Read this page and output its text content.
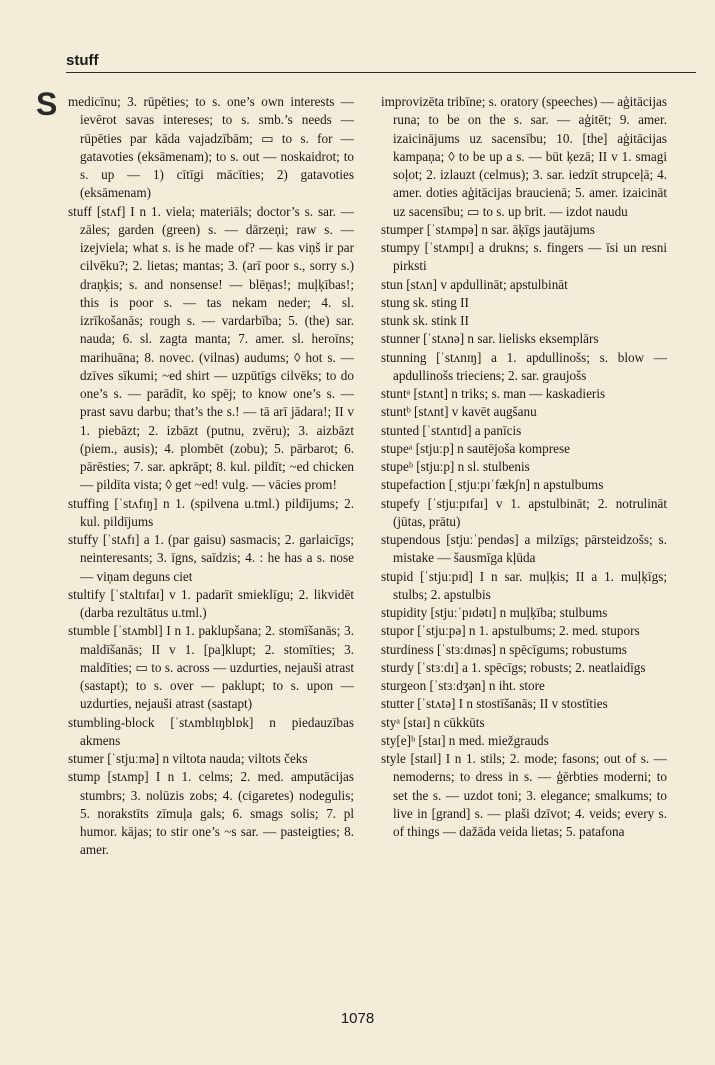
stuff
S medicīnu; 3. rūpēties; to s. one’s own interests — ievērot savas intereses; to s. smb.’s needs — rūpēties par kāda vajadzībām; ▭ to s. for — gatavoties (eksāmenam); to s. out — noskaidrot; to s. up — 1) cītīgi mācīties; 2) gatavoties (eksāmenam)

stuff [stʌf] I n 1. viela; materiāls; doctor’s s. sar. — zāles; garden (green) s. — dārzeņi; raw s. — izejviela; what s. is he made of? — kas viņš ir par cilvēku?; 2. lietas; mantas; 3. (arī poor s., sorry s.) draņķis; s. and nonsense! — blēņas!; muļķības!; this is poor s. — tas nekam neder; 4. sl. izrīkošanās; rough s. — vardarbība; 5. (the) sar. nauda; 6. sl. zagta manta; 7. amer. sl. heroīns; marihuāna; 8. novec. (vilnas) audums; ◊ hot s. — dzīves sīkumi; ~ed shirt — uzpūtīgs cilvēks; to do one’s s. — parādīt, ko spēj; to know one’s s. — prast savu darbu; that’s the s.! — tā arī jādara!; II v 1. piebāzt; 2. izbāzt (putnu, zvēru); 3. aizbāzt (piem., ausis); 4. plombēt (zobu); 5. pārbarot; 6. pārēsties; 7. sar. apkrāpt; 8. kul. pildīt; ~ed chicken — pildīta vista; ◊ get ~ed! vulg. — vācies prom!

stuffing [ˈstʌfɪŋ] n 1. (spilvena u.tml.) pildījums; 2. kul. pildījums

stuffy [ˈstʌfɪ] a 1. (par gaisu) sasmacis; 2. garlaicīgs; neinteresants; 3. īgns, saīdzis; 4. : he has a s. nose — viņam deguns ciet

stultify [ˈstʌltɪfaɪ] v 1. padarīt smieklīgu; 2. likvidēt (darba rezultātus u.tml.)

stumble [ˈstʌmbl] I n 1. paklupšana; 2. stomīšanās; 3. maldīšanās; II v 1. [pa]klupt; 2. stomīties; 3. maldīties; ▭ to s. across — uzdurties, nejauši atrast (sastapt); to s. over — paklupt; to s. upon — uzdurties, nejauši atrast (sastapt)

stumbling-block [ˈstʌmblɪŋblɒk] n piedauzības akmens

stumer [ˈstjuːmə] n viltota nauda; viltots čeks

stump [stʌmp] I n 1. celms; 2. med. amputācijas stumbrs; 3. nolūzis zobs; 4. (cigaretes) nodegulis; 5. norakstīts zīmuļa gals; 6. smags solis; 7. pl humor. kājas; to stir one’s ~s sar. — pasteigties; 8. amer.

improvizēta tribīne; s. oratory (speeches) — aģitācijas runa; to be on the s. sar. — aģitēt; 9. amer. izaicinājums uz sacensību; 10. [the] aģitācijas kampaņa; ◊ to be up a s. — būt ķezā; II v 1. smagi soļot; 2. izlauzt (celmus); 3. sar. iedzīt strupceļā; 4. amer. doties aģitācijas braucienā; 5. amer. izaicināt uz sacensību; ▭ to s. up brit. — izdot naudu

stumper [ˈstʌmpə] n sar. āķīgs jautājums

stumpy [ˈstʌmpɪ] a drukns; s. fingers — īsi un resni pirksti

stun [stʌn] v apdullināt; apstulbināt

stung sk. sting II

stunk sk. stink II

stunner [ˈstʌnə] n sar. lielisks eksemplārs

stunning [ˈstʌnɪŋ] a 1. apdullinošs; s. blow — apdullinošs trieciens; 2. sar. graujošs

stuntᵃ [stʌnt] n triks; s. man — kaskadieris

stuntᵇ [stʌnt] v kavēt augšanu

stunted [ˈstʌntɪd] a panīcis

stupeᵃ [stjuːp] n sautējoša komprese

stupeᵇ [stjuːp] n sl. stulbenis

stupefaction [ˌstjuːpɪˈfækʃn] n apstulbums

stupefy [ˈstjuːpɪfaɪ] v 1. apstulbināt; 2. notrulināt (jūtas, prātu)

stupendous [stjuːˈpendəs] a milzīgs; pārsteidzošs; s. mistake — šausmīga kļūda

stupid [ˈstjuːpɪd] I n sar. muļķis; II a 1. muļķīgs; stulbs; 2. apstulbis

stupidity [stjuːˈpɪdətɪ] n muļķība; stulbums

stupor [ˈstjuːpə] n 1. apstulbums; 2. med. stupors

sturdiness [ˈstɜːdɪnəs] n spēcīgums; robustums

sturdy [ˈstɜːdɪ] a 1. spēcīgs; robusts; 2. neatlaidīgs

sturgeon [ˈstɜːdʒən] n iht. store

stutter [ˈstʌtə] I n stostīšanās; II v stostīties

styᵃ [staɪ] n cūkkūts

sty[e]ᵇ [staɪ] n med. miežgrauds

style [staɪl] I n 1. stils; 2. mode; fasons; out of s. — nemoderns; to dress in s. — ģērbties moderni; to set the s. — uzdot toni; 3. elegance; smalkums; to live in [grand] s. — plaši dzīvot; 4. veids; every s. of things — dažāda veida lietas; 5. patafona

1078
